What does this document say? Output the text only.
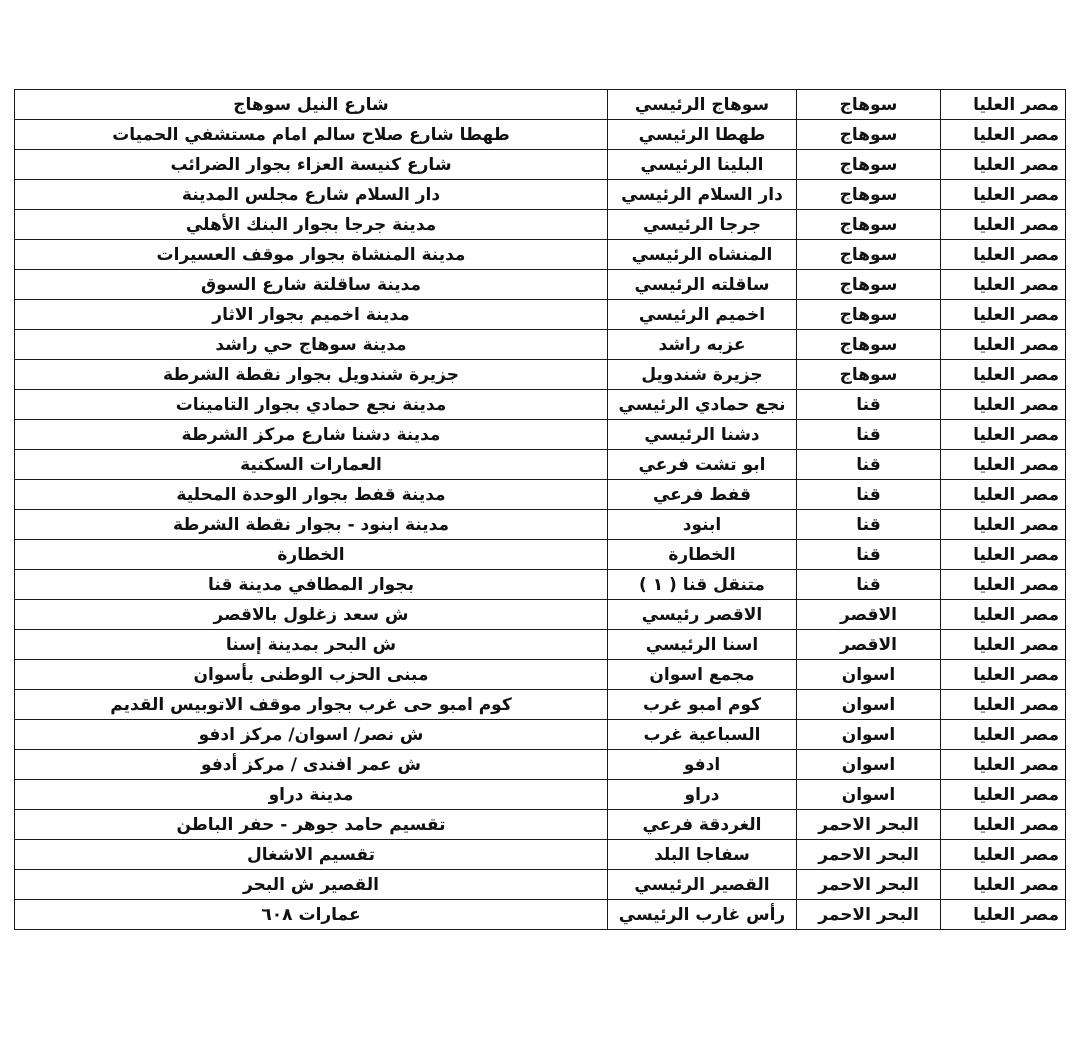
مصر العليا	سوهاج	سوهاج الرئيسي	شارع النيل سوهاج
مصر العليا	سوهاج	طهطا الرئيسي	طهطا شارع صلاح سالم امام مستشفي الحميات
مصر العليا	سوهاج	البلينا الرئيسي	شارع كنيسة العزاء بجوار الضرائب
مصر العليا	سوهاج	دار السلام الرئيسي	دار السلام شارع مجلس المدينة
مصر العليا	سوهاج	جرجا الرئيسي	مدينة جرجا بجوار البنك الأهلي
مصر العليا	سوهاج	المنشاه الرئيسي	مدينة المنشاة بجوار موقف العسيرات
مصر العليا	سوهاج	ساقلته الرئيسي	مدينة ساقلتة شارع السوق
مصر العليا	سوهاج	اخميم الرئيسي	مدينة اخميم بجوار الاثار
مصر العليا	سوهاج	عزبه راشد	مدينة سوهاج حي راشد
مصر العليا	سوهاج	جزيرة شندويل	جزيرة شندويل بجوار نقطة الشرطة
مصر العليا	قنا	نجع حمادي الرئيسي	مدينة نجع حمادي بجوار التامينات
مصر العليا	قنا	دشنا الرئيسي	مدينة دشنا شارع مركز الشرطة
مصر العليا	قنا	ابو تشت فرعي	العمارات السكنية
مصر العليا	قنا	قفط فرعي	مدينة قفط بجوار الوحدة المحلية
مصر العليا	قنا	ابنود	مدينة ابنود - بجوار نقطة الشرطة
مصر العليا	قنا	الخطارة	الخطارة
مصر العليا	قنا	متنقل قنا ( ١ )	بجوار المطافي مدينة قنا
مصر العليا	الاقصر	الاقصر رئيسي	ش سعد زغلول بالاقصر
مصر العليا	الاقصر	اسنا الرئيسي	ش البحر بمدينة إسنا
مصر العليا	اسوان	مجمع اسوان	مبنى الحزب الوطنى بأسوان
مصر العليا	اسوان	كوم امبو غرب	كوم امبو حى غرب بجوار موقف الاتوبيس القديم
مصر العليا	اسوان	السباعية غرب	ش نصر/ اسوان/ مركز ادفو
مصر العليا	اسوان	ادفو	ش عمر افندى / مركز أدفو
مصر العليا	اسوان	دراو	مدينة دراو
مصر العليا	البحر الاحمر	الغردقة فرعي	تقسيم حامد جوهر - حفر الباطن
مصر العليا	البحر الاحمر	سفاجا البلد	تقسيم الاشغال
مصر العليا	البحر الاحمر	القصير الرئيسي	القصير ش البحر
مصر العليا	البحر الاحمر	رأس غارب الرئيسي	عمارات ٦٠٨
